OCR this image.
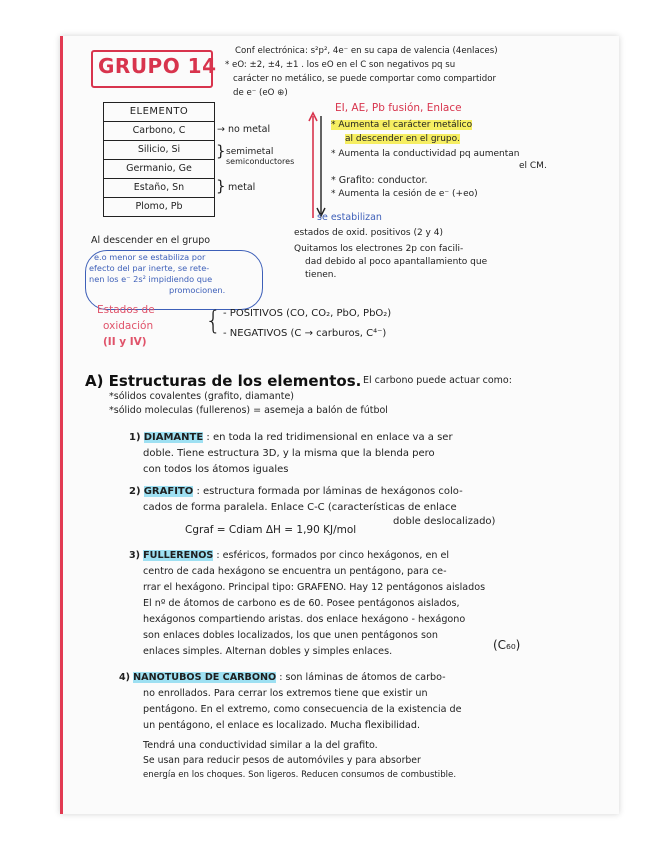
GRUPO 14
Conf electrónica: s²p², 4e⁻ en su capa de valencia (4enlaces)
* eO: ±2, ±4, ±1 . los eO en el C son negativos pq su
carácter no metálico, se puede comportar como compartidor
de e⁻ (eO ⊕)
ELEMENTO
Carbono, C
Silicio, Si
Germanio, Ge
Estaño, Sn
Plomo, Pb
→ no metal
} semimetal
semiconductores
} metal
EI, AE, Pb fusión, Enlace
* Aumenta el carácter metálico
al descender en el grupo.
* Aumenta la conductividad pq aumentan
el CM.
* Grafito: conductor.
* Aumenta la cesión de e⁻ (+eo)
se estabilizan
estados de oxid. positivos (2 y 4)
Quitamos los electrones 2p con facili-
dad debido al poco apantallamiento que
tienen.
Al descender en el grupo
e.o menor se estabiliza por
efecto del par inerte, se rete-
nen los e⁻ 2s² impidiendo que
promocionen.
Estados de
oxidación
(II y IV)
{ - POSITIVOS (CO, CO₂, PbO, PbO₂)
- NEGATIVOS (C → carburos, C⁴⁻)
A) Estructuras de los elementos. El carbono puede actuar como:
*sólidos covalentes (grafito, diamante)
*sólido moleculas (fullerenos) = asemeja a balón de fútbol
1) DIAMANTE : en toda la red tridimensional en enlace va a ser
doble. Tiene estructura 3D, y la misma que la blenda pero
con todos los átomos iguales
2) GRAFITO : estructura formada por láminas de hexágonos colo-
cados de forma paralela. Enlace C-C (características de enlace
doble deslocalizado)
Cgraf = Cdiam ΔH = 1,90 KJ/mol
3) FULLERENOS : esféricos, formados por cinco hexágonos, en el
centro de cada hexágono se encuentra un pentágono, para ce-
rrar el hexágono. Principal tipo: GRAFENO. Hay 12 pentágonos aislados
El nº de átomos de carbono es de 60. Posee pentágonos aislados,
hexágonos compartiendo aristas. dos enlace hexágono - hexágono
son enlaces dobles localizados, los que unen pentágonos son
enlaces simples. Alternan dobles y simples enlaces.	(C₆₀)
4) NANOTUBOS DE CARBONO : son láminas de átomos de carbo-
no enrollados. Para cerrar los extremos tiene que existir un
pentágono. En el extremo, como consecuencia de la existencia de
un pentágono, el enlace es localizado. Mucha flexibilidad.
Tendrá una conductividad similar a la del grafito.
Se usan para reducir pesos de automóviles y para absorber
energía en los choques. Son ligeros. Reducen consumos de combustible.
